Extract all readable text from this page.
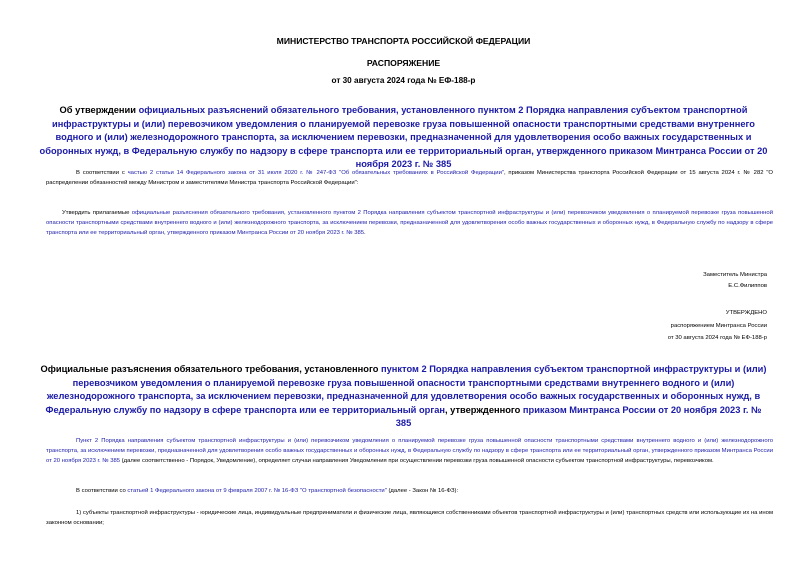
МИНИСТЕРСТВО ТРАНСПОРТА РОССИЙСКОЙ ФЕДЕРАЦИИ
РАСПОРЯЖЕНИЕ
от 30 августа 2024 года № ЕФ-188-р
Об утверждении официальных разъяснений обязательного требования, установленного пунктом 2 Порядка направления субъектом транспортной инфраструктуры и (или) перевозчиком уведомления о планируемой перевозке груза повышенной опасности транспортными средствами внутреннего водного и (или) железнодорожного транспорта, за исключением перевозки, предназначенной для удовлетворения особо важных государственных и оборонных нужд, в Федеральную службу по надзору в сфере транспорта или ее территориальный орган, утвержденного приказом Минтранса России от 20 ноября 2023 г. № 385
В соответствии с частью 2 статьи 14 Федерального закона от 31 июля 2020 г. № 247-ФЗ "Об обязательных требованиях в Российской Федерации", приказом Министерства транспорта Российской Федерации от 15 августа 2024 г. № 282 "О распределении обязанностей между Министром и заместителями Министра транспорта Российской Федерации":
Утвердить прилагаемые официальные разъяснения обязательного требования, установленного пунктом 2 Порядка направления субъектом транспортной инфраструктуры и (или) перевозчиком уведомления о планируемой перевозке груза повышенной опасности транспортными средствами внутреннего водного и (или) железнодорожного транспорта, за исключением перевозки, предназначенной для удовлетворения особо важных государственных и оборонных нужд, в Федеральную службу по надзору в сфере транспорта или ее территориальный орган, утвержденного приказом Минтранса России от 20 ноября 2023 г. № 385.
Заместитель Министра
Е.С.Филиппов
УТВЕРЖДЕНО
распоряжением Минтранса России
от 30 августа 2024 года № ЕФ-188-р
Официальные разъяснения обязательного требования, установленного пунктом 2 Порядка направления субъектом транспортной инфраструктуры и (или) перевозчиком уведомления о планируемой перевозке груза повышенной опасности транспортными средствами внутреннего водного и (или) железнодорожного транспорта, за исключением перевозки, предназначенной для удовлетворения особо важных государственных и оборонных нужд, в Федеральную службу по надзору в сфере транспорта или ее территориальный орган, утвержденного приказом Минтранса России от 20 ноября 2023 г. № 385
Пункт 2 Порядка направления субъектом транспортной инфраструктуры и (или) перевозчиком уведомления о планируемой перевозке груза повышенной опасности транспортными средствами внутреннего водного и (или) железнодорожного транспорта, за исключением перевозки, предназначенной для удовлетворения особо важных государственных и оборонных нужд, в Федеральную службу по надзору в сфере транспорта или ее территориальный орган, утвержденного приказом Минтранса России от 20 ноября 2023 г. № 385 (далее соответственно - Порядок, Уведомление), определяет случаи направления Уведомления при осуществлении перевозки груза повышенной опасности субъектом транспортной инфраструктуры, перевозчиком.
В соответствии со статьей 1 Федерального закона от 9 февраля 2007 г. № 16-ФЗ "О транспортной безопасности" (далее - Закон № 16-ФЗ):
1) субъекты транспортной инфраструктуры - юридические лица, индивидуальные предприниматели и физические лица, являющиеся собственниками объектов транспортной инфраструктуры и (или) транспортных средств или использующие их на ином законном основании;
